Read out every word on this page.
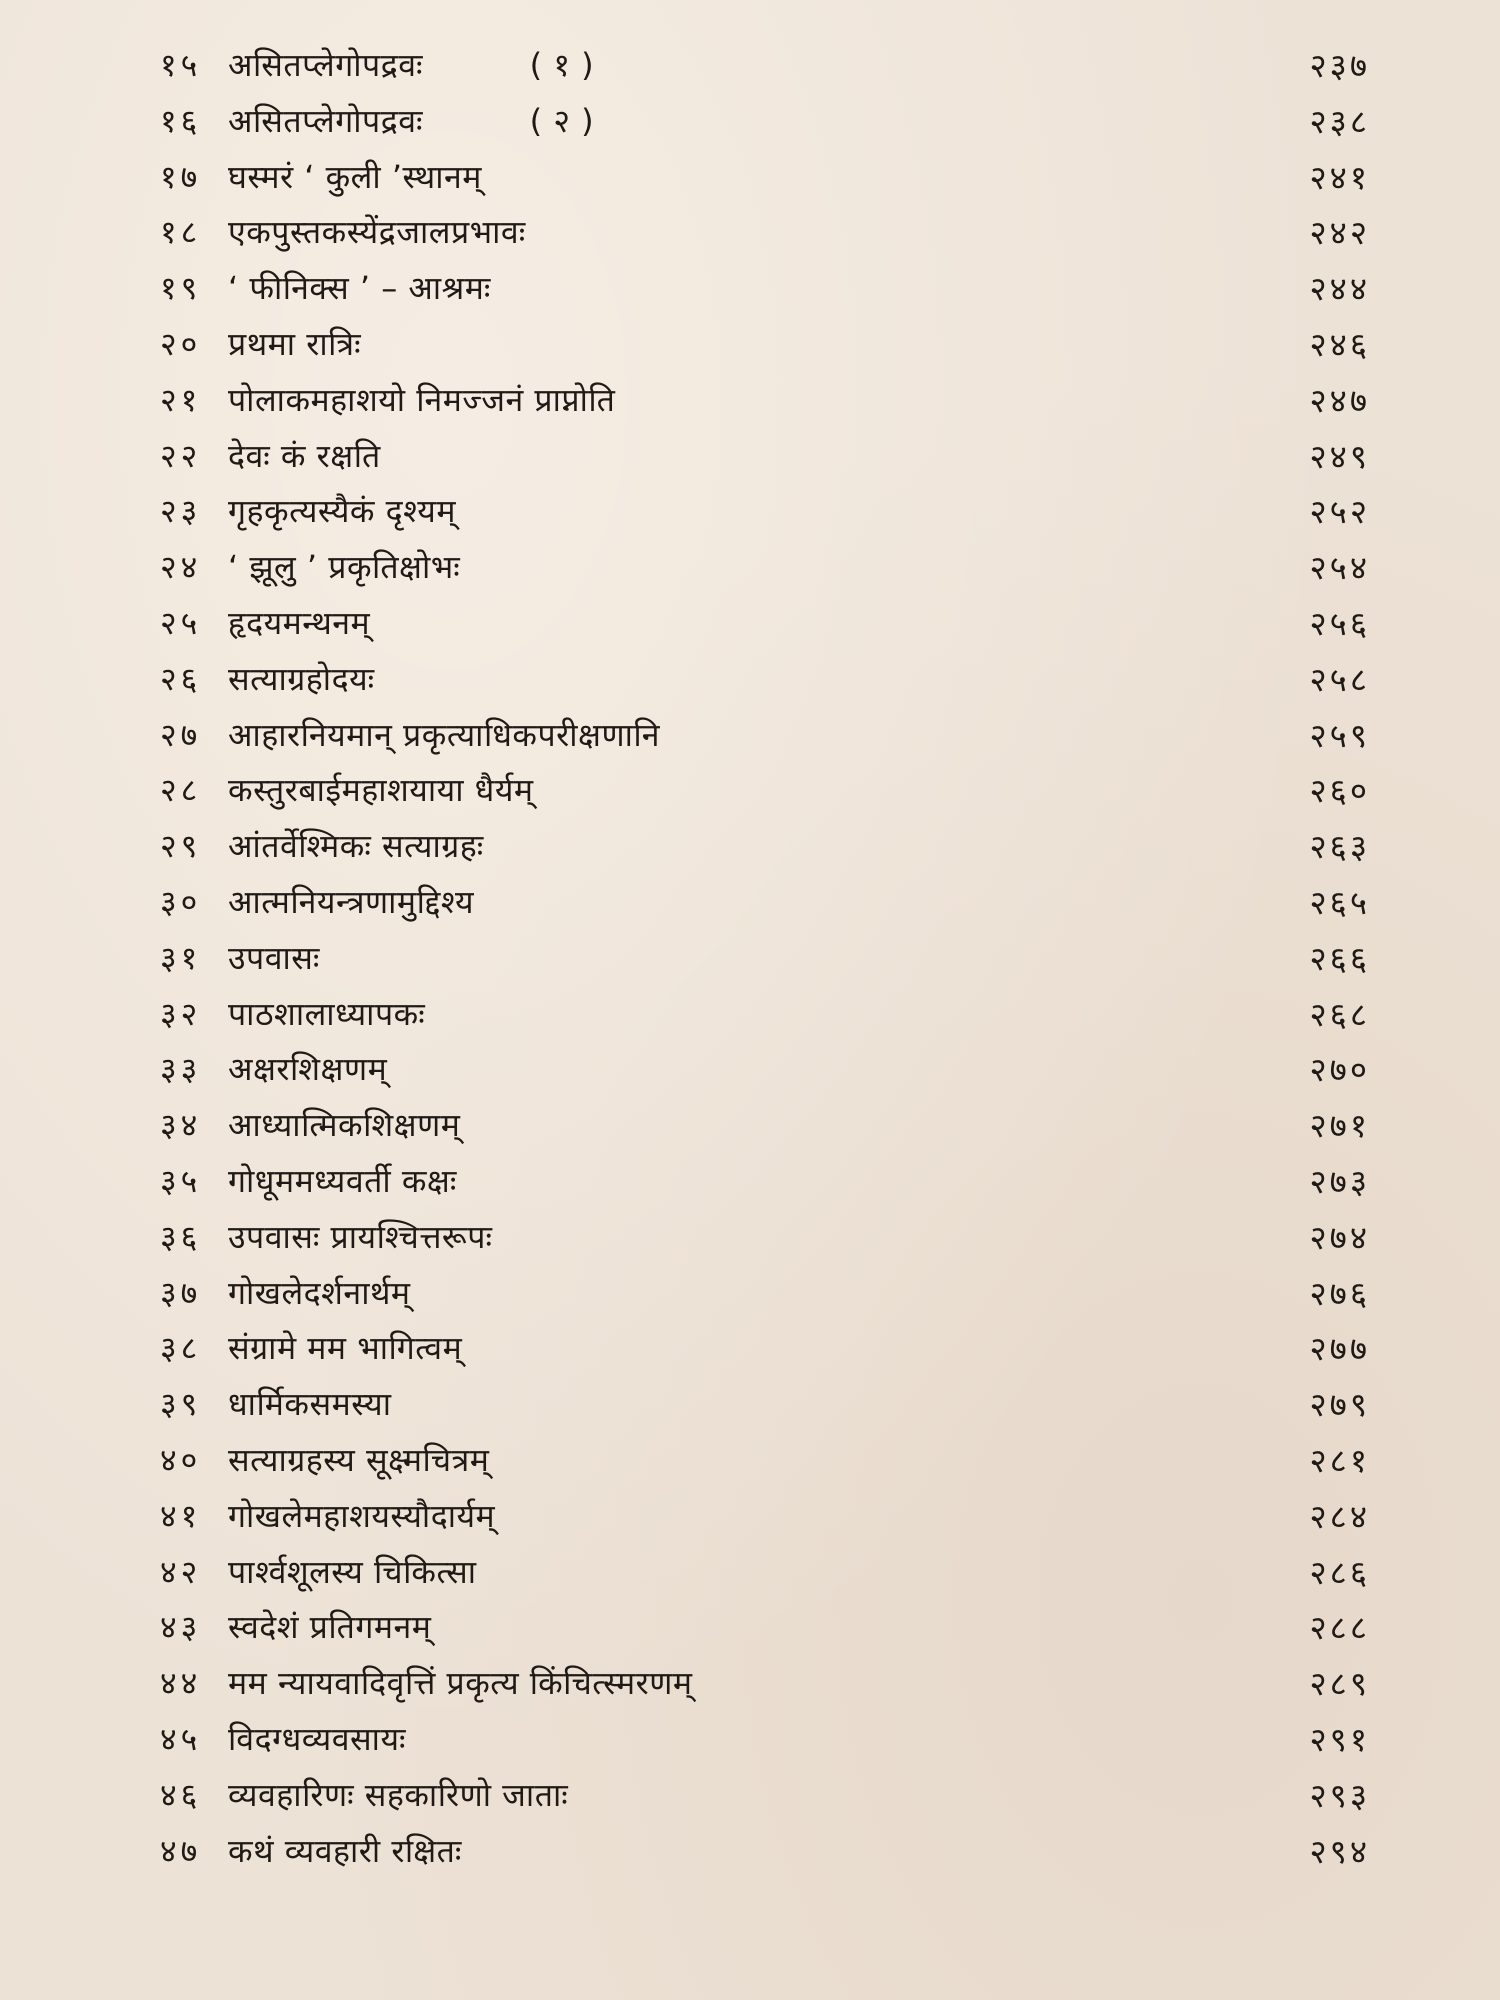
१५ असितप्लेगोपद्रवः          ( १ )	२३७
१६ असितप्लेगोपद्रवः          ( २ )	२३८
१७ घस्मरं ‘ कुली ’स्थानम्	२४१
१८ एकपुस्तकस्येंद्रजालप्रभावः	२४२
१९ ‘ फीनिक्स ’ – आश्रमः	२४४
२० प्रथमा रात्रिः	२४६
२१ पोलाकमहाशयो निमज्जनं प्राप्नोति	२४७
२२ देवः कं रक्षति	२४९
२३ गृहकृत्यस्यैकं दृश्यम्	२५२
२४ ‘ झूलु ’ प्रकृतिक्षोभः	२५४
२५ हृदयमन्थनम्	२५६
२६ सत्याग्रहोदयः	२५८
२७ आहारनियमान् प्रकृत्याधिकपरीक्षणानि	२५९
२८ कस्तुरबाईमहाशयाया धैर्यम्	२६०
२९ आंतर्वेश्मिकः सत्याग्रहः	२६३
३० आत्मनियन्त्रणामुद्दिश्य	२६५
३१ उपवासः	२६६
३२ पाठशालाध्यापकः	२६८
३३ अक्षरशिक्षणम्	२७०
३४ आध्यात्मिकशिक्षणम्	२७१
३५ गोधूममध्यवर्ती कक्षः	२७३
३६ उपवासः प्रायश्चित्तरूपः	२७४
३७ गोखलेदर्शनार्थम्	२७६
३८ संग्रामे मम भागित्वम्	२७७
३९ धार्मिकसमस्या	२७९
४० सत्याग्रहस्य सूक्ष्मचित्रम्	२८१
४१ गोखलेमहाशयस्यौदार्यम्	२८४
४२ पार्श्वशूलस्य चिकित्सा	२८६
४३ स्वदेशं प्रतिगमनम्	२८८
४४ मम न्यायवादिवृत्तिं प्रकृत्य किंचित्स्मरणम्	२८९
४५ विदग्धव्यवसायः	२९१
४६ व्यवहारिणः सहकारिणो जाताः	२९३
४७ कथं व्यवहारी रक्षितः	२९४
